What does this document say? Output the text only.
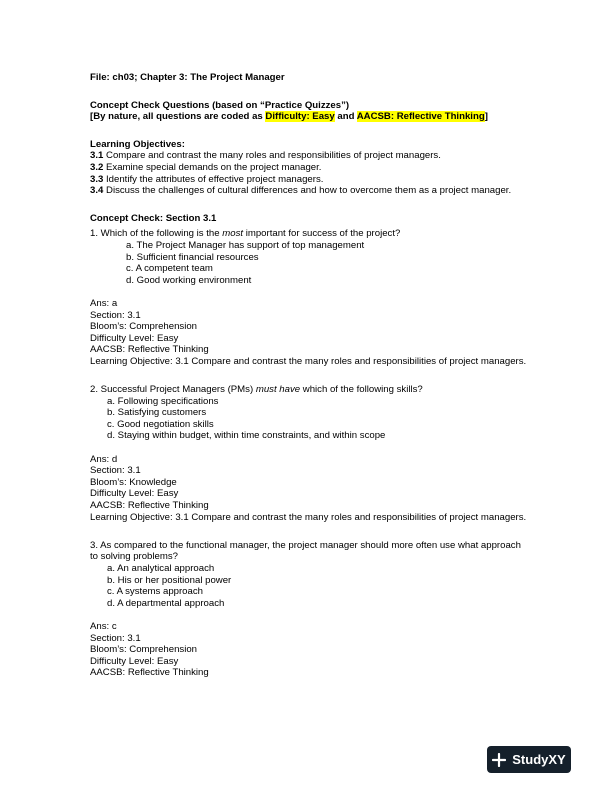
File: ch03; Chapter 3: The Project Manager

Concept Check Questions (based on “Practice Quizzes”)

[By nature, all questions are coded as Difficulty: Easy and AACSB: Reflective Thinking]

Learning Objectives:

3.1 Compare and contrast the many roles and responsibilities of project managers.

3.2 Examine special demands on the project manager.

3.3 Identify the attributes of effective project managers.

3.4 Discuss the challenges of cultural differences and how to overcome them as a project manager.

Concept Check: Section 3.1

1. Which of the following is the most important for success of the project?

a. The Project Manager has support of top management

b. Sufficient financial resources

c. A competent team

d. Good working environment

Ans: a

Section: 3.1

Bloom’s: Comprehension

Difficulty Level: Easy

AACSB: Reflective Thinking

Learning Objective: 3.1 Compare and contrast the many roles and responsibilities of project managers.

2. Successful Project Managers (PMs) must have which of the following skills?

a. Following specifications

b. Satisfying customers

c. Good negotiation skills

d. Staying within budget, within time constraints, and within scope

Ans: d

Section: 3.1

Bloom’s: Knowledge

Difficulty Level: Easy

AACSB: Reflective Thinking

Learning Objective: 3.1 Compare and contrast the many roles and responsibilities of project managers.

3. As compared to the functional manager, the project manager should more often use what approach to solving problems?

a. An analytical approach

b. His or her positional power

c. A systems approach

d. A departmental approach

Ans: c

Section: 3.1

Bloom’s: Comprehension

Difficulty Level: Easy

AACSB: Reflective Thinking

StudyXY
